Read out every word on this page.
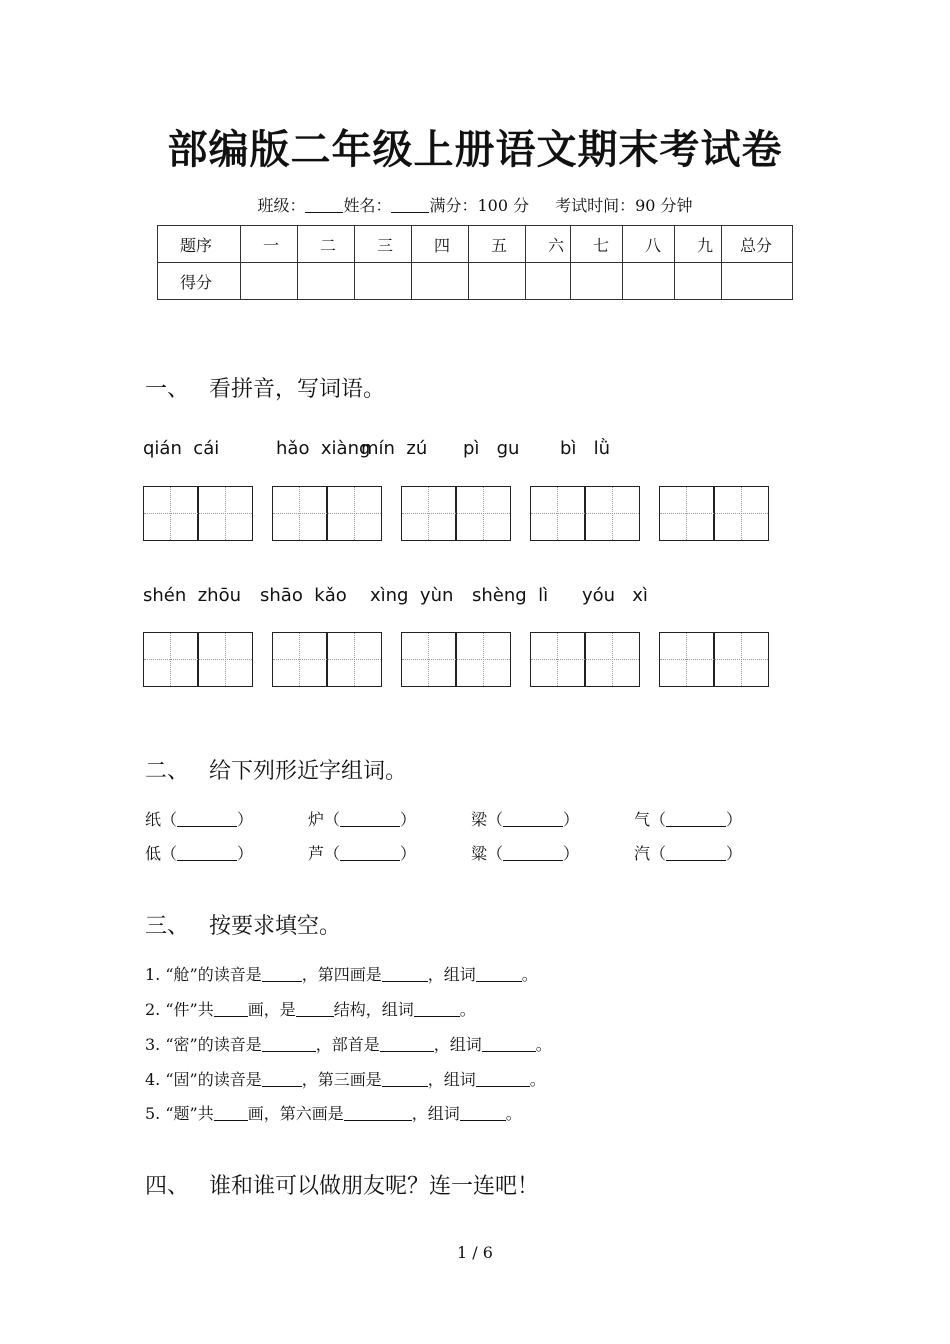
部编版二年级上册语文期末考试卷
班级： 姓名： 满分：100 分 考试时间：90 分钟
题序	一	二	三	四	五	六	七	八	九	总分
得分										
一、 看拼音，写词语。
qián  cái	hǎo  xiàng
mín  zú pì   gu bì   lǜ
shén  zhōu shāo  kǎo xìng  yùn shèng  lì yóu   xì
二、 给下列形近字组词。
纸（	）	炉（	）	梁（	）	气（	）
低（	）	芦（	）	粱（	）	汽（	）
三、 按要求填空。
1. “舱”的读音是	，第四画是	，组词	。
2. “件”共 画，是 结构，组词	。
3. “密”的读音是	，部首是	，组词	。
4. “固”的读音是	，第三画是	，组词	。
5. “题”共 画，第六画是	，组词	。
四、 谁和谁可以做朋友呢？连一连吧！
1 / 6
